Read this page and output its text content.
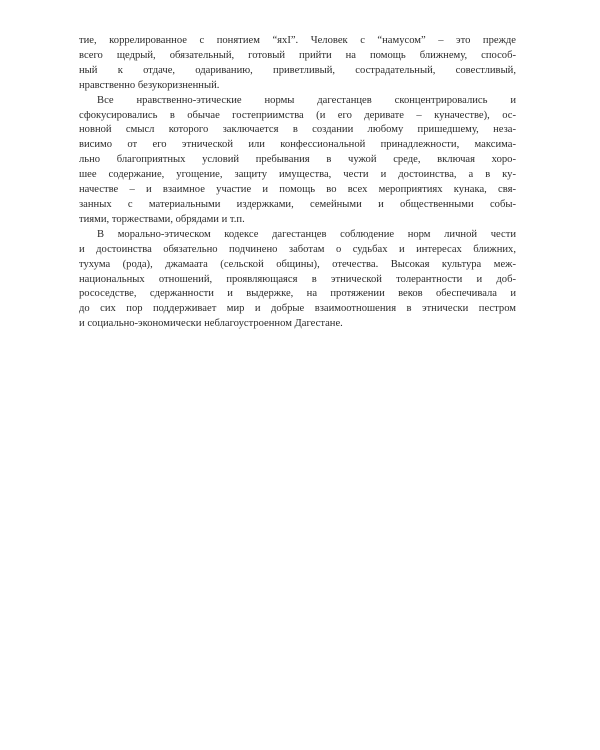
тие, коррелированное с понятием “яхІ”. Человек с “намусом” – это прежде
всего щедрый, обязательный, готовый прийти на помощь ближнему, способ-
ный к отдаче, одариванию, приветливый, сострадательный, совестливый,
нравственно безукоризненный.
Все нравственно-этические нормы дагестанцев сконцентрировались и
сфокусировались в обычае гостеприимства (и его деривате – куначестве), ос-
новной смысл которого заключается в создании любому пришедшему, неза-
висимо от его этнической или конфессиональной принадлежности, максима-
льно благоприятных условий пребывания в чужой среде, включая хоро-
шее содержание, угощение, защиту имущества, чести и достоинства, а в ку-
начестве – и взаимное участие и помощь во всех мероприятиях кунака, свя-
занных с материальными издержками, семейными и общественными собы-
тиями, торжествами, обрядами и т.п.
В морально-этическом кодексе дагестанцев соблюдение норм личной чести
и достоинства обязательно подчинено заботам о судьбах и интересах ближних,
тухума (рода), джамаата (сельской общины), отечества. Высокая культура меж-
национальных отношений, проявляющаяся в этнической толерантности и доб-
рососедстве, сдержанности и выдержке, на протяжении веков обеспечивала и
до сих пор поддерживает мир и добрые взаимоотношения в этнически пестром
и социально-экономически неблагоустроенном Дагестане.
